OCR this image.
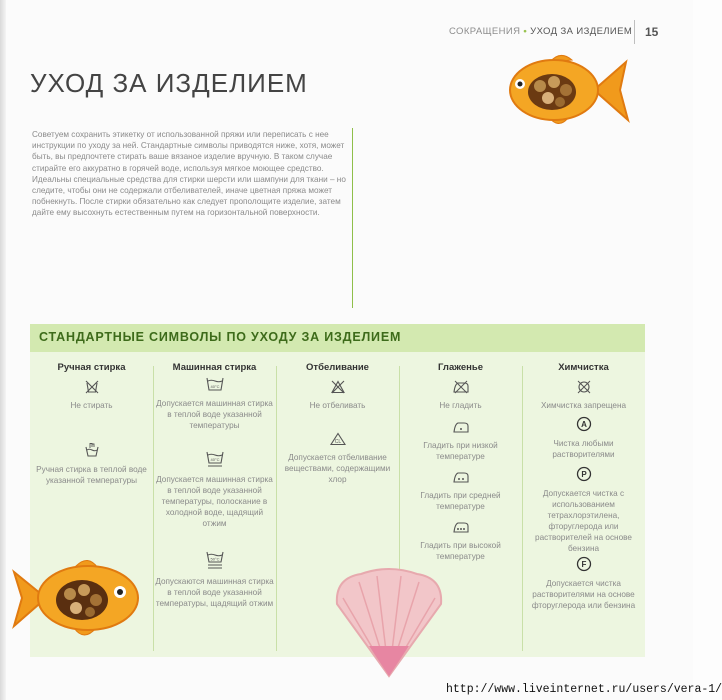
СОКРАЩЕНИЯ • УХОД ЗА ИЗДЕЛИЕМ 15
УХОД ЗА ИЗДЕЛИЕМ

Советуем сохранить этикетку от использованной пряжи или переписать с нее инструкции по уходу за ней. Стандартные символы приводятся ниже, хотя, может быть, вы предпочтете стирать ваше вязаное изделие вручную. В таком случае стирайте его аккуратно в горячей воде, используя мягкое моющее средство. Идеальны специальные средства для стирки шерсти или шампуни для ткани – но следите, чтобы они не содержали отбеливателей, иначе цветная пряжа может побнекнуть. После стирки обязательно как следует прополощите изделие, затем дайте ему высохнуть естественным путем на горизонтальной поверхности.

СТАНДАРТНЫЕ СИМВОЛЫ ПО УХОДУ ЗА ИЗДЕЛИЕМ
Ручная стирка
Не стирать
Ручная стирка в теплой воде указанной температуры
Машинная стирка
40°C
Допускается машинная стирка в теплой воде указанной температуры
40°C
Допускается машинная стирка в теплой воде указанной температуры, полоскание в холодной воде, щадящий отжим
50°C
Допускаются машинная стирка в теплой воде указанной температуры, щадящий отжим
Отбеливание
Не отбеливать
CL
Допускается отбеливание веществами, содержащими хлор
Глаженье
Не гладить
Гладить при низкой температуре
Гладить при средней температуре
Гладить при высокой температуре
Химчистка
Химчистка запрещена
A
Чистка любыми растворителями
P
Допускается чистка с использованием тетрахлорэтилена, фторуглерода или растворителей на основе бензина
F
Допускается чистка растворителями на основе фторуглерода или бензина
http://www.liveinternet.ru/users/vera-1/
